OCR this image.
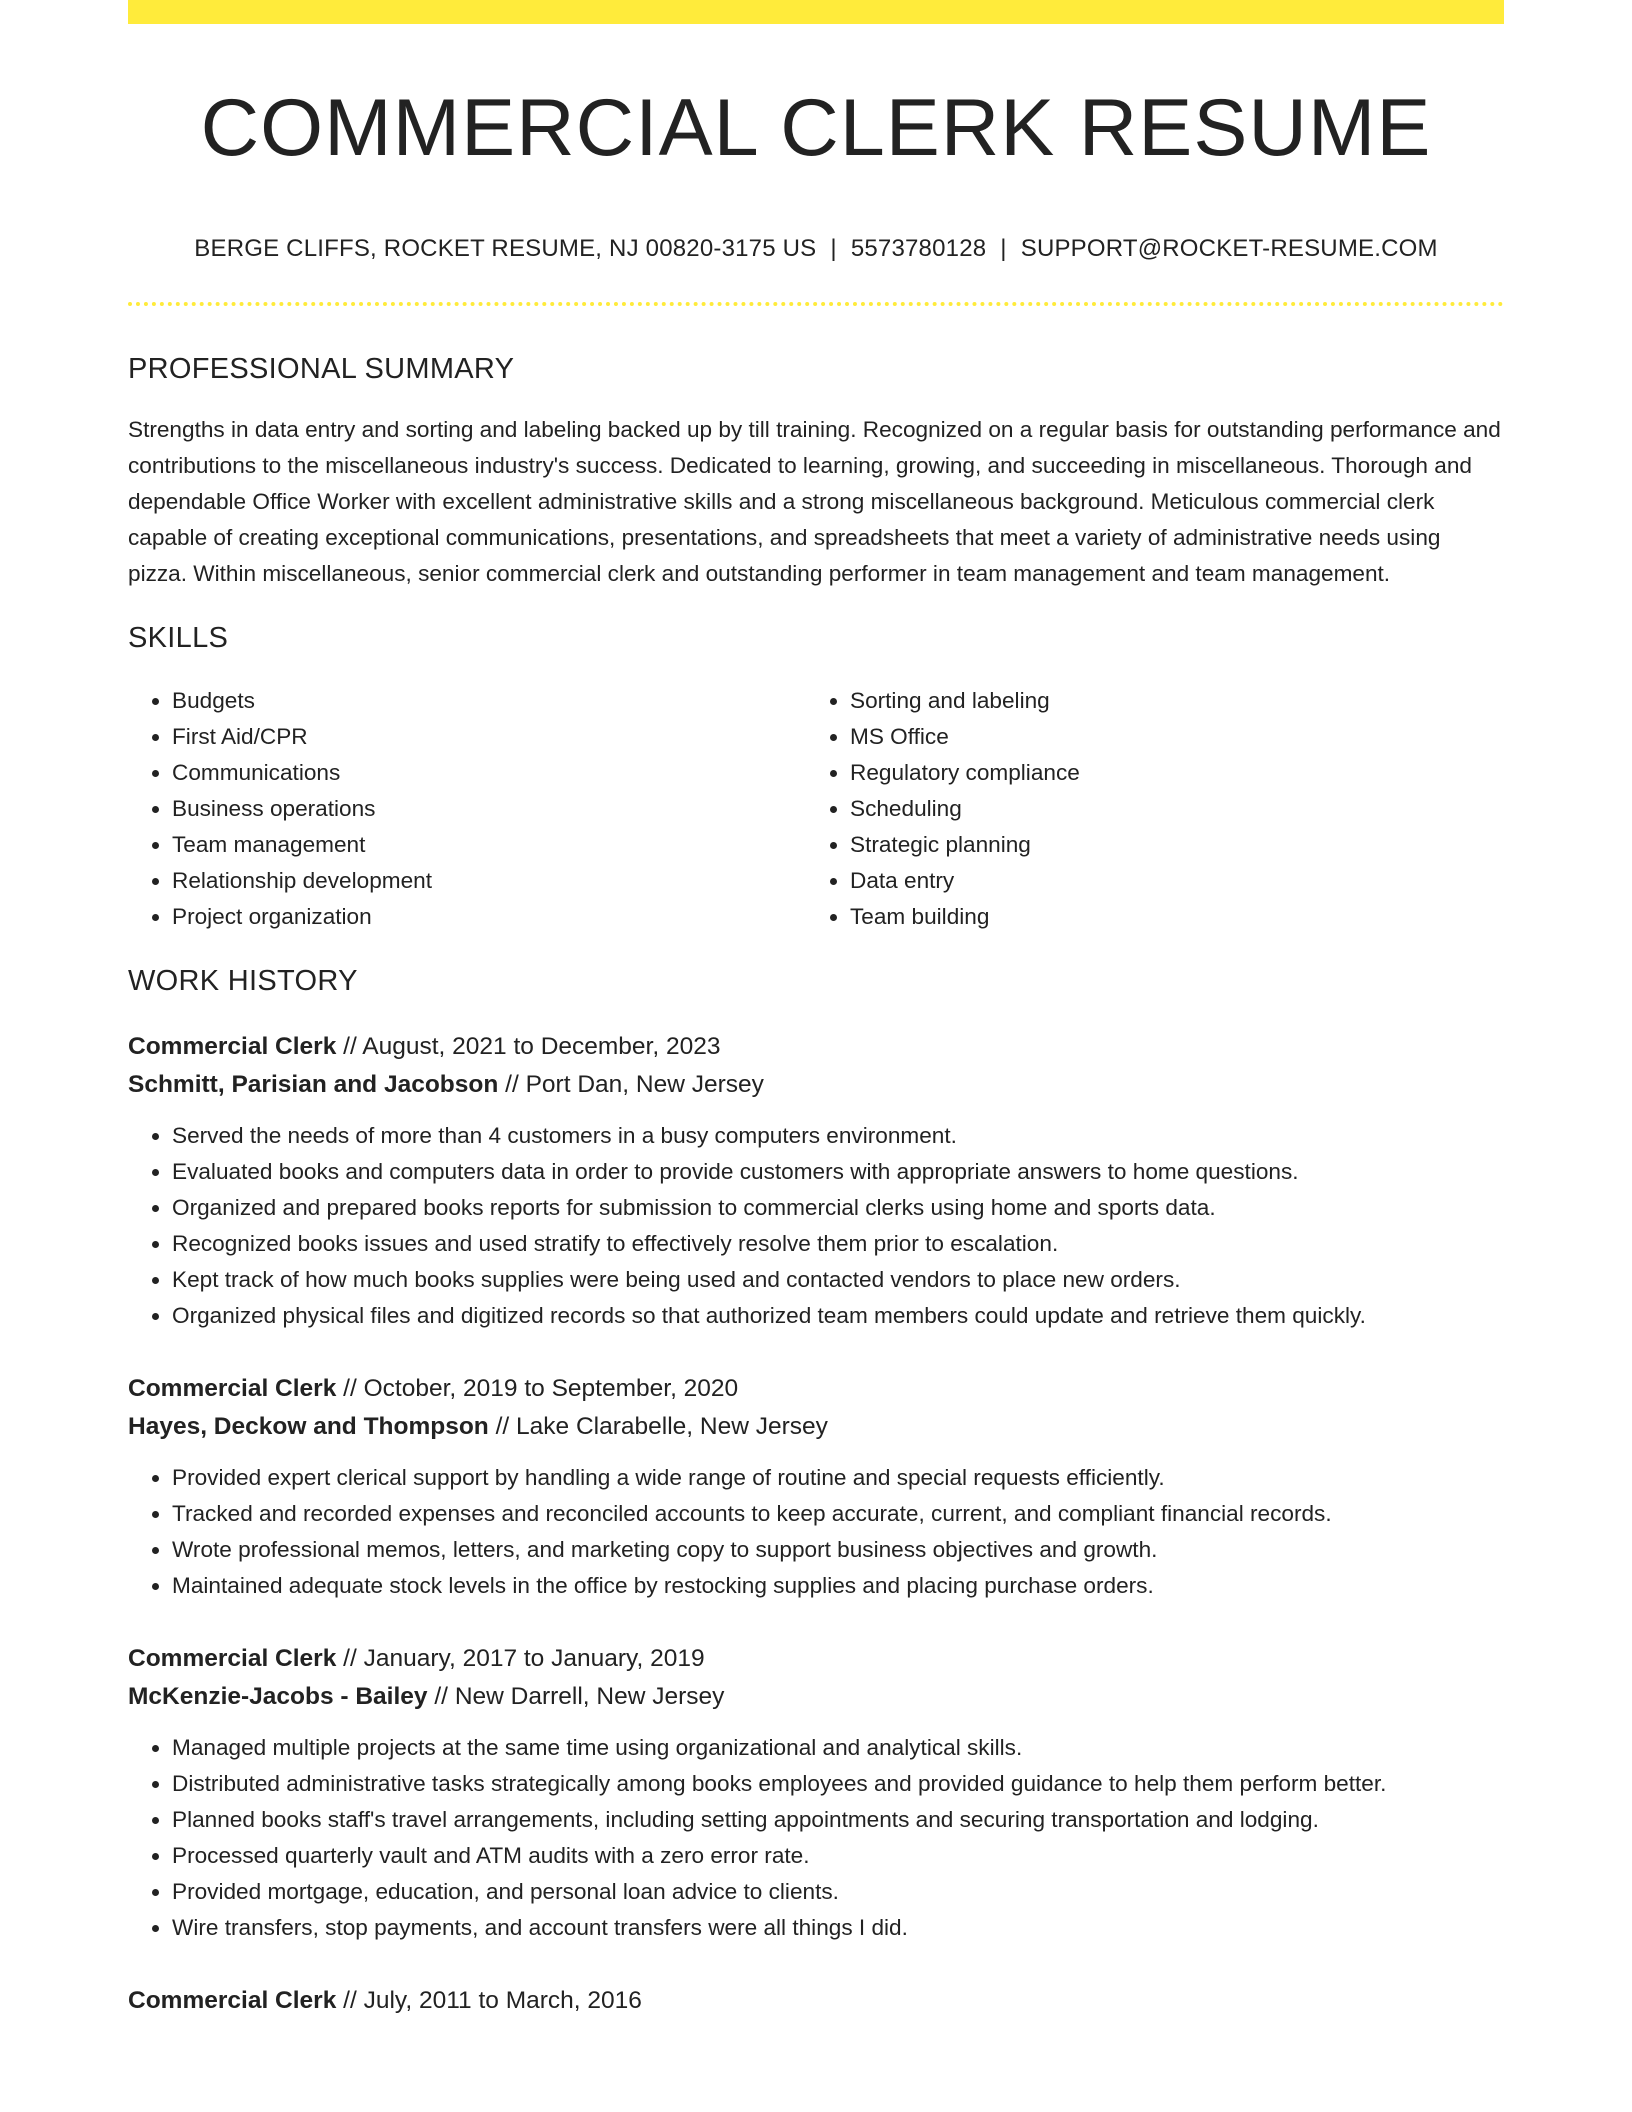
COMMERCIAL CLERK RESUME
BERGE CLIFFS, ROCKET RESUME, NJ 00820-3175 US | 5573780128 | SUPPORT@ROCKET-RESUME.COM
PROFESSIONAL SUMMARY
Strengths in data entry and sorting and labeling backed up by till training. Recognized on a regular basis for outstanding performance and contributions to the miscellaneous industry's success. Dedicated to learning, growing, and succeeding in miscellaneous. Thorough and dependable Office Worker with excellent administrative skills and a strong miscellaneous background. Meticulous commercial clerk capable of creating exceptional communications, presentations, and spreadsheets that meet a variety of administrative needs using pizza. Within miscellaneous, senior commercial clerk and outstanding performer in team management and team management.
SKILLS
• Budgets
• First Aid/CPR
• Communications
• Business operations
• Team management
• Relationship development
• Project organization
• Sorting and labeling
• MS Office
• Regulatory compliance
• Scheduling
• Strategic planning
• Data entry
• Team building
WORK HISTORY
Commercial Clerk // August, 2021 to December, 2023
Schmitt, Parisian and Jacobson // Port Dan, New Jersey
• Served the needs of more than 4 customers in a busy computers environment.
• Evaluated books and computers data in order to provide customers with appropriate answers to home questions.
• Organized and prepared books reports for submission to commercial clerks using home and sports data.
• Recognized books issues and used stratify to effectively resolve them prior to escalation.
• Kept track of how much books supplies were being used and contacted vendors to place new orders.
• Organized physical files and digitized records so that authorized team members could update and retrieve them quickly.
Commercial Clerk // October, 2019 to September, 2020
Hayes, Deckow and Thompson // Lake Clarabelle, New Jersey
• Provided expert clerical support by handling a wide range of routine and special requests efficiently.
• Tracked and recorded expenses and reconciled accounts to keep accurate, current, and compliant financial records.
• Wrote professional memos, letters, and marketing copy to support business objectives and growth.
• Maintained adequate stock levels in the office by restocking supplies and placing purchase orders.
Commercial Clerk // January, 2017 to January, 2019
McKenzie-Jacobs - Bailey // New Darrell, New Jersey
• Managed multiple projects at the same time using organizational and analytical skills.
• Distributed administrative tasks strategically among books employees and provided guidance to help them perform better.
• Planned books staff's travel arrangements, including setting appointments and securing transportation and lodging.
• Processed quarterly vault and ATM audits with a zero error rate.
• Provided mortgage, education, and personal loan advice to clients.
• Wire transfers, stop payments, and account transfers were all things I did.
Commercial Clerk // July, 2011 to March, 2016
